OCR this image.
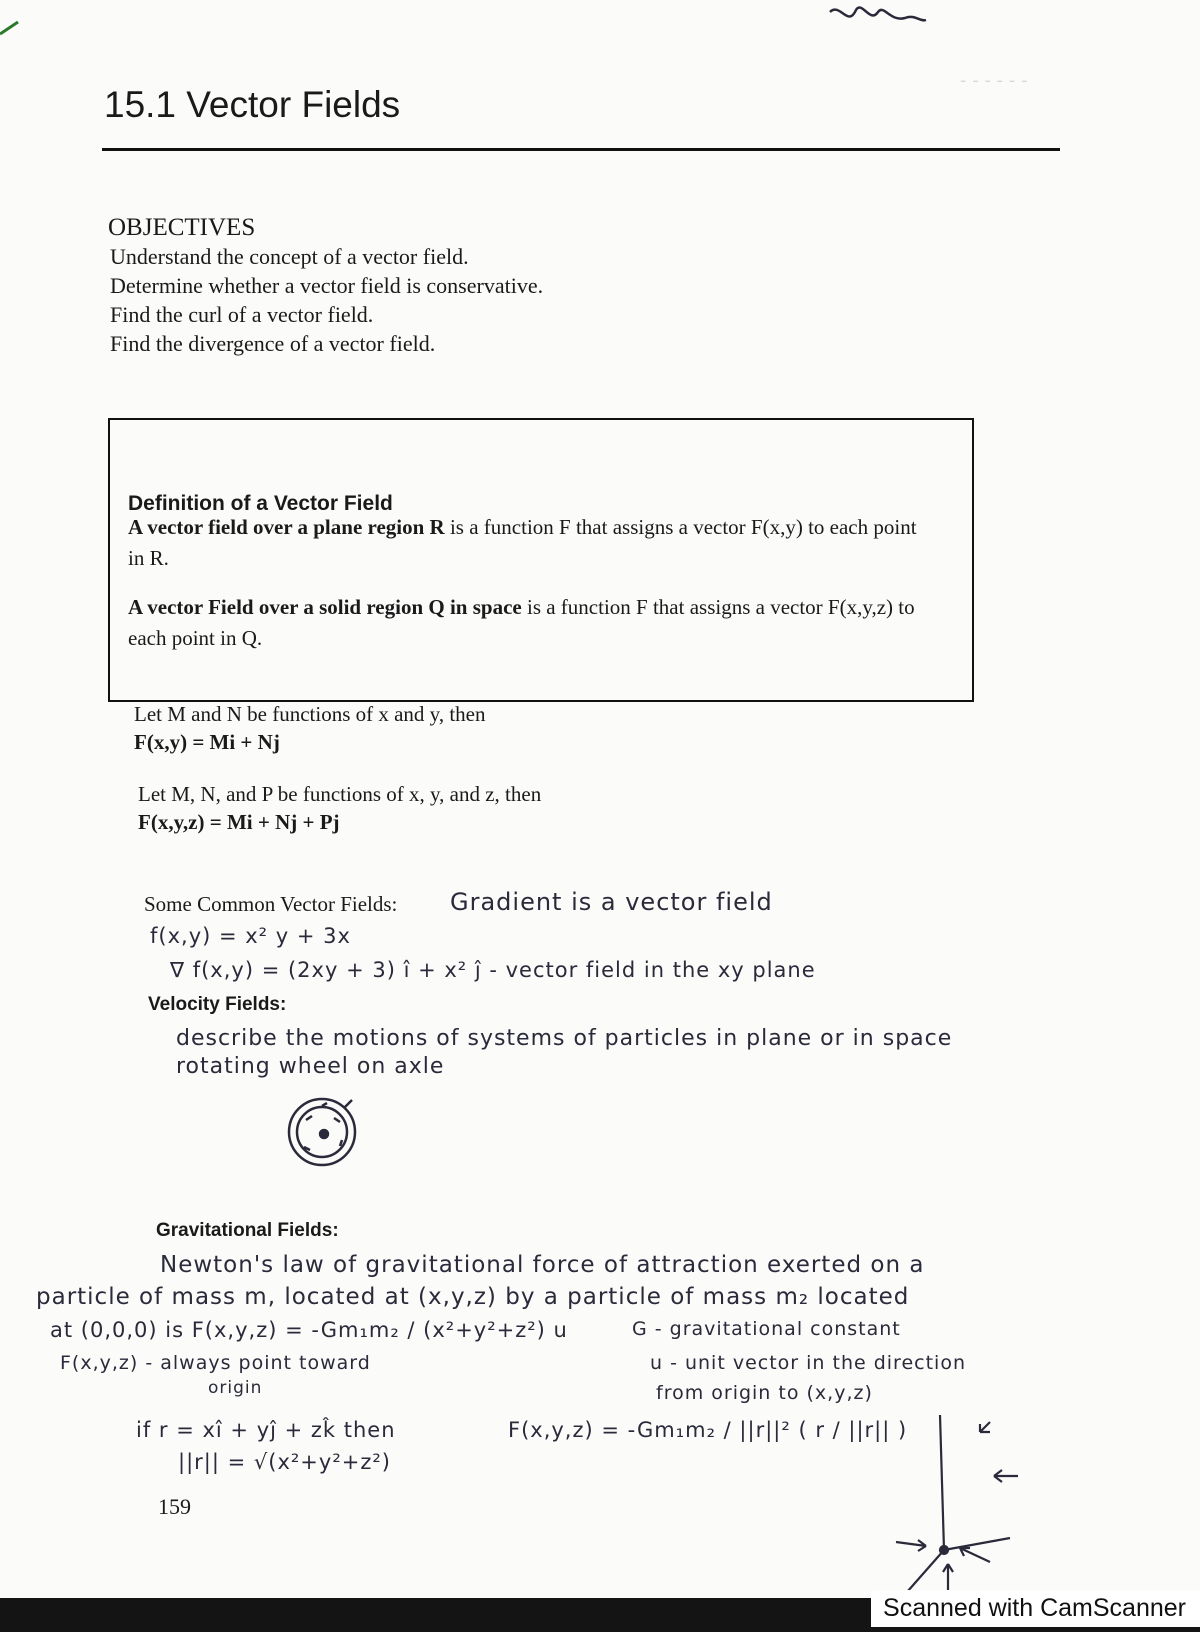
- - - - - -
15.1 Vector Fields
OBJECTIVES
Understand the concept of a vector field.
Determine whether a vector field is conservative.
Find the curl of a vector field.
Find the divergence of a vector field.
Definition of a Vector Field
A vector field over a plane region R is a function F that assigns a vector F(x,y) to each point in R.
A vector Field over a solid region Q in space is a function F that assigns a vector F(x,y,z) to each point in Q.
Let M and N be functions of x and y, then
F(x,y) = Mi + Nj
Let M, N, and P be functions of x, y, and z, then
F(x,y,z) = Mi + Nj + Pj
Some Common Vector Fields: Gradient is a vector field
f(x,y) = x² y + 3x
∇ f(x,y) = (2xy + 3) î + x² ĵ - vector field in the xy plane
Velocity Fields:
describe the motions of systems of particles in plane or in space
rotating wheel on axle
Gravitational Fields:
Newton's law of gravitational force of attraction exerted on a
particle of mass m, located at (x,y,z) by a particle of mass m₂ located
at (0,0,0) is F(x,y,z) = -Gm₁m₂ / (x²+y²+z²) u	G - gravitational constant
F(x,y,z) - always point toward
origin
u - unit vector in the direction
from origin to (x,y,z)
if r = xî + yĵ + zk̂ then	F(x,y,z) = -Gm₁m₂ / ||r||² ( r / ||r|| )
||r|| = √(x²+y²+z²)
159
Scanned with CamScanner
